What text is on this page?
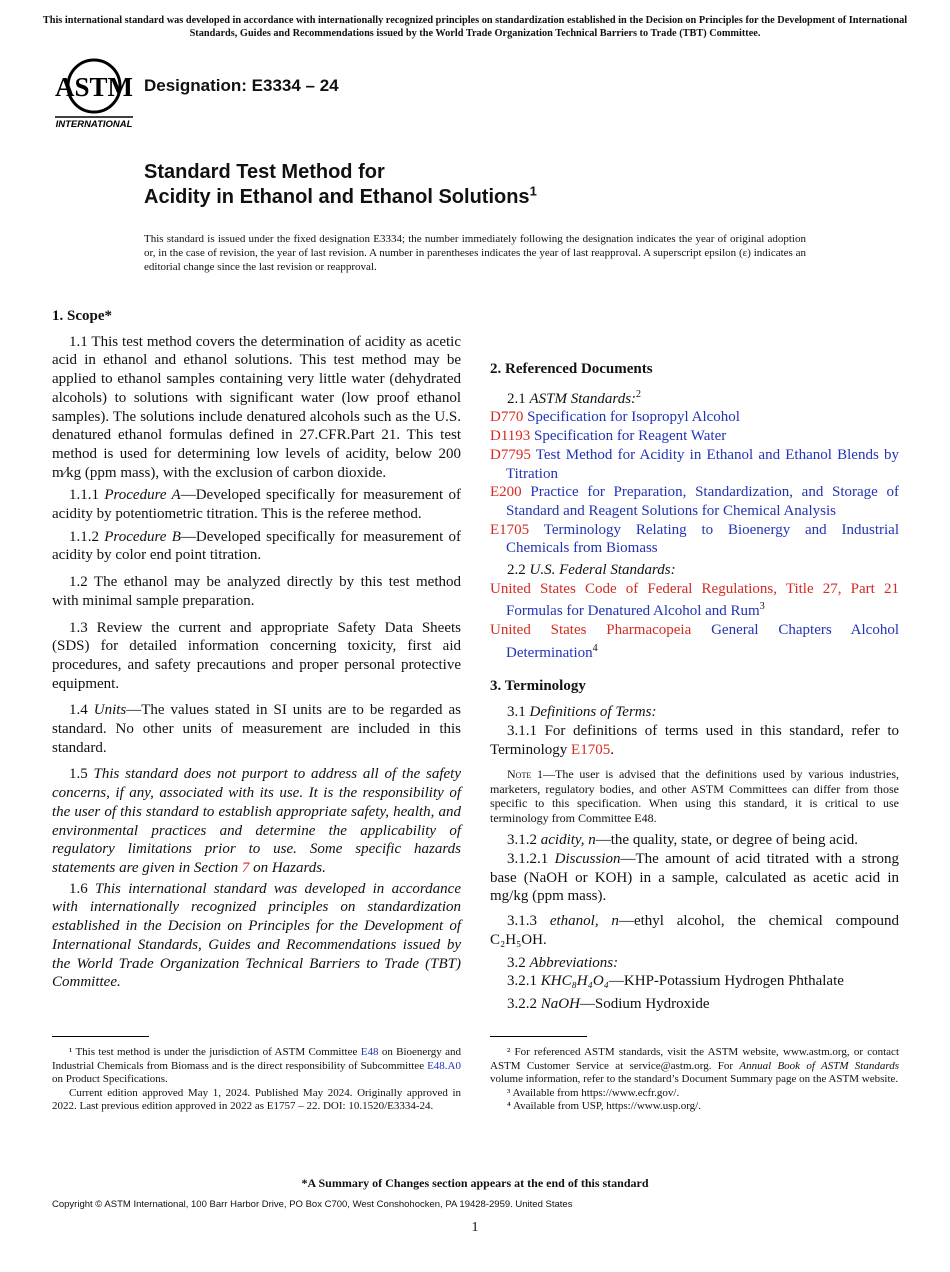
This international standard was developed in accordance with internationally recognized principles on standardization established in the Decision on Principles for the Development of International Standards, Guides and Recommendations issued by the World Trade Organization Technical Barriers to Trade (TBT) Committee.
ASTM
INTERNATIONAL
Designation: E3334 – 24
Standard Test Method for
Acidity in Ethanol and Ethanol Solutions$^1$
This standard is issued under the fixed designation E3334; the number immediately following the designation indicates the year of original adoption or, in the case of revision, the year of last revision. A number in parentheses indicates the year of last reapproval. A superscript epsilon (ε) indicates an editorial change since the last revision or reapproval.

1. Scope*

1.1 This test method covers the determination of acidity as acetic acid in ethanol and ethanol solutions. This test method may be applied to ethanol samples containing very little water (dehydrated alcohols) to solutions with significant water (low proof ethanol samples). The solutions include denatured alcohols such as the U.S. denatured ethanol formulas defined in 27.CFR.Part 21. This test method is used for determining low levels of acidity, below 200 m⁄kg (ppm mass), with the exclusion of carbon dioxide.

1.1.1 Procedure A—Developed specifically for measurement of acidity by potentiometric titration. This is the referee method.

1.1.2 Procedure B—Developed specifically for measurement of acidity by color end point titration.

1.2 The ethanol may be analyzed directly by this test method with minimal sample preparation.

1.3 Review the current and appropriate Safety Data Sheets (SDS) for detailed information concerning toxicity, first aid procedures, and safety precautions and proper personal protective equipment.

1.4 Units—The values stated in SI units are to be regarded as standard. No other units of measurement are included in this standard.

1.5 This standard does not purport to address all of the safety concerns, if any, associated with its use. It is the responsibility of the user of this standard to establish appropriate safety, health, and environmental practices and determine the applicability of regulatory limitations prior to use. Some specific hazards statements are given in Section 7 on Hazards.

1.6 This international standard was developed in accordance with internationally recognized principles on standardization established in the Decision on Principles for the Development of International Standards, Guides and Recommendations issued by the World Trade Organization Technical Barriers to Trade (TBT) Committee.

2. Referenced Documents

2.1 ASTM Standards:$^2$

D770 Specification for Isopropyl Alcohol

D1193 Specification for Reagent Water

D7795 Test Method for Acidity in Ethanol and Ethanol Blends by Titration

E200 Practice for Preparation, Standardization, and Storage of Standard and Reagent Solutions for Chemical Analysis

E1705 Terminology Relating to Bioenergy and Industrial Chemicals from Biomass

2.2 U.S. Federal Standards:

United States Code of Federal Regulations, Title 27, Part 21 Formulas for Denatured Alcohol and Rum$^3$

United States Pharmacopeia General Chapters Alcohol Determination$^4$

3. Terminology

3.1 Definitions of Terms:

3.1.1 For definitions of terms used in this standard, refer to Terminology E1705.

Note 1—The user is advised that the definitions used by various industries, marketers, regulatory bodies, and other ASTM Committees can differ from those specific to this specification. When using this standard, it is critical to use terminology from Committee E48.

3.1.2 acidity, n—the quality, state, or degree of being acid.

3.1.2.1 Discussion—The amount of acid titrated with a strong base (NaOH or KOH) in a sample, calculated as acetic acid in mg/kg (ppm mass).

3.1.3 ethanol, n—ethyl alcohol, the chemical compound C₂H₅OH.

3.2 Abbreviations:

3.2.1 KHC₈H₄O₄—KHP-Potassium Hydrogen Phthalate

3.2.2 NaOH—Sodium Hydroxide

¹ This test method is under the jurisdiction of ASTM Committee E48 on Bioenergy and Industrial Chemicals from Biomass and is the direct responsibility of Subcommittee E48.A0 on Product Specifications.

Current edition approved May 1, 2024. Published May 2024. Originally approved in 2022. Last previous edition approved in 2022 as E1757 – 22. DOI: 10.1520/E3334-24.

² For referenced ASTM standards, visit the ASTM website, www.astm.org, or contact ASTM Customer Service at service@astm.org. For Annual Book of ASTM Standards volume information, refer to the standard’s Document Summary page on the ASTM website.

³ Available from https://www.ecfr.gov/.

⁴ Available from USP, https://www.usp.org/.

*A Summary of Changes section appears at the end of this standard
Copyright © ASTM International, 100 Barr Harbor Drive, PO Box C700, West Conshohocken, PA 19428-2959. United States
1
